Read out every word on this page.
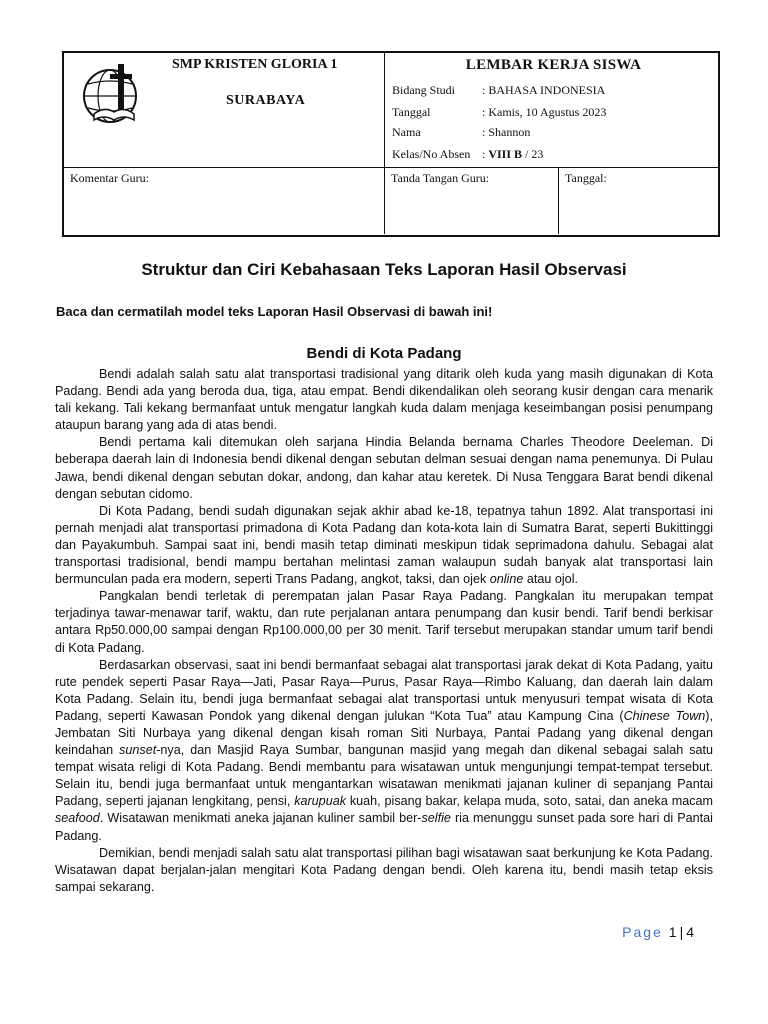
SMP KRISTEN GLORIA 1
SURABAYA
LEMBAR KERJA SISWA
Bidang Studi : BAHASA INDONESIA
Tanggal	: Kamis, 10 Agustus 2023
Nama	: Shannon
Kelas/No Absen : VIII B / 23
Komentar Guru:	Tanda Tangan Guru:	Tanggal:
Struktur dan Ciri Kebahasaan Teks Laporan Hasil Observasi
Baca dan cermatilah model teks Laporan Hasil Observasi di bawah ini!
Bendi di Kota Padang

Bendi adalah salah satu alat transportasi tradisional yang ditarik oleh kuda yang masih digunakan di Kota Padang. Bendi ada yang beroda dua, tiga, atau empat. Bendi dikendalikan oleh seorang kusir dengan cara menarik tali kekang. Tali kekang bermanfaat untuk mengatur langkah kuda dalam menjaga keseimbangan posisi penumpang ataupun barang yang ada di atas bendi.

Bendi pertama kali ditemukan oleh sarjana Hindia Belanda bernama Charles Theodore Deeleman. Di beberapa daerah lain di Indonesia bendi dikenal dengan sebutan delman sesuai dengan nama penemunya. Di Pulau Jawa, bendi dikenal dengan sebutan dokar, andong, dan kahar atau keretek. Di Nusa Tenggara Barat bendi dikenal dengan sebutan cidomo.

Di Kota Padang, bendi sudah digunakan sejak akhir abad ke-18, tepatnya tahun 1892. Alat transportasi ini pernah menjadi alat transportasi primadona di Kota Padang dan kota-kota lain di Sumatra Barat, seperti Bukittinggi dan Payakumbuh. Sampai saat ini, bendi masih tetap diminati meskipun tidak seprimadona dahulu. Sebagai alat transportasi tradisional, bendi mampu bertahan melintasi zaman walaupun sudah banyak alat transportasi lain bermunculan pada era modern, seperti Trans Padang, angkot, taksi, dan ojek online atau ojol.

Pangkalan bendi terletak di perempatan jalan Pasar Raya Padang. Pangkalan itu merupakan tempat terjadinya tawar-menawar tarif, waktu, dan rute perjalanan antara penumpang dan kusir bendi. Tarif bendi berkisar antara Rp50.000,00 sampai dengan Rp100.000,00 per 30 menit. Tarif tersebut merupakan standar umum tarif bendi di Kota Padang.

Berdasarkan observasi, saat ini bendi bermanfaat sebagai alat transportasi jarak dekat di Kota Padang, yaitu rute pendek seperti Pasar Raya—Jati, Pasar Raya—Purus, Pasar Raya—Rimbo Kaluang, dan daerah lain dalam Kota Padang. Selain itu, bendi juga bermanfaat sebagai alat transportasi untuk menyusuri tempat wisata di Kota Padang, seperti Kawasan Pondok yang dikenal dengan julukan “Kota Tua” atau Kampung Cina (Chinese Town), Jembatan Siti Nurbaya yang dikenal dengan kisah roman Siti Nurbaya, Pantai Padang yang dikenal dengan keindahan sunset-nya, dan Masjid Raya Sumbar, bangunan masjid yang megah dan dikenal sebagai salah satu tempat wisata religi di Kota Padang. Bendi membantu para wisatawan untuk mengunjungi tempat-tempat tersebut. Selain itu, bendi juga bermanfaat untuk mengantarkan wisatawan menikmati jajanan kuliner di sepanjang Pantai Padang, seperti jajanan lengkitang, pensi, karupuak kuah, pisang bakar, kelapa muda, soto, satai, dan aneka macam seafood. Wisatawan menikmati aneka jajanan kuliner sambil ber-selfie ria menunggu sunset pada sore hari di Pantai Padang.

Demikian, bendi menjadi salah satu alat transportasi pilihan bagi wisatawan saat berkunjung ke Kota Padang. Wisatawan dapat berjalan-jalan mengitari Kota Padang dengan bendi. Oleh karena itu, bendi masih tetap eksis sampai sekarang.

Page 1|4
